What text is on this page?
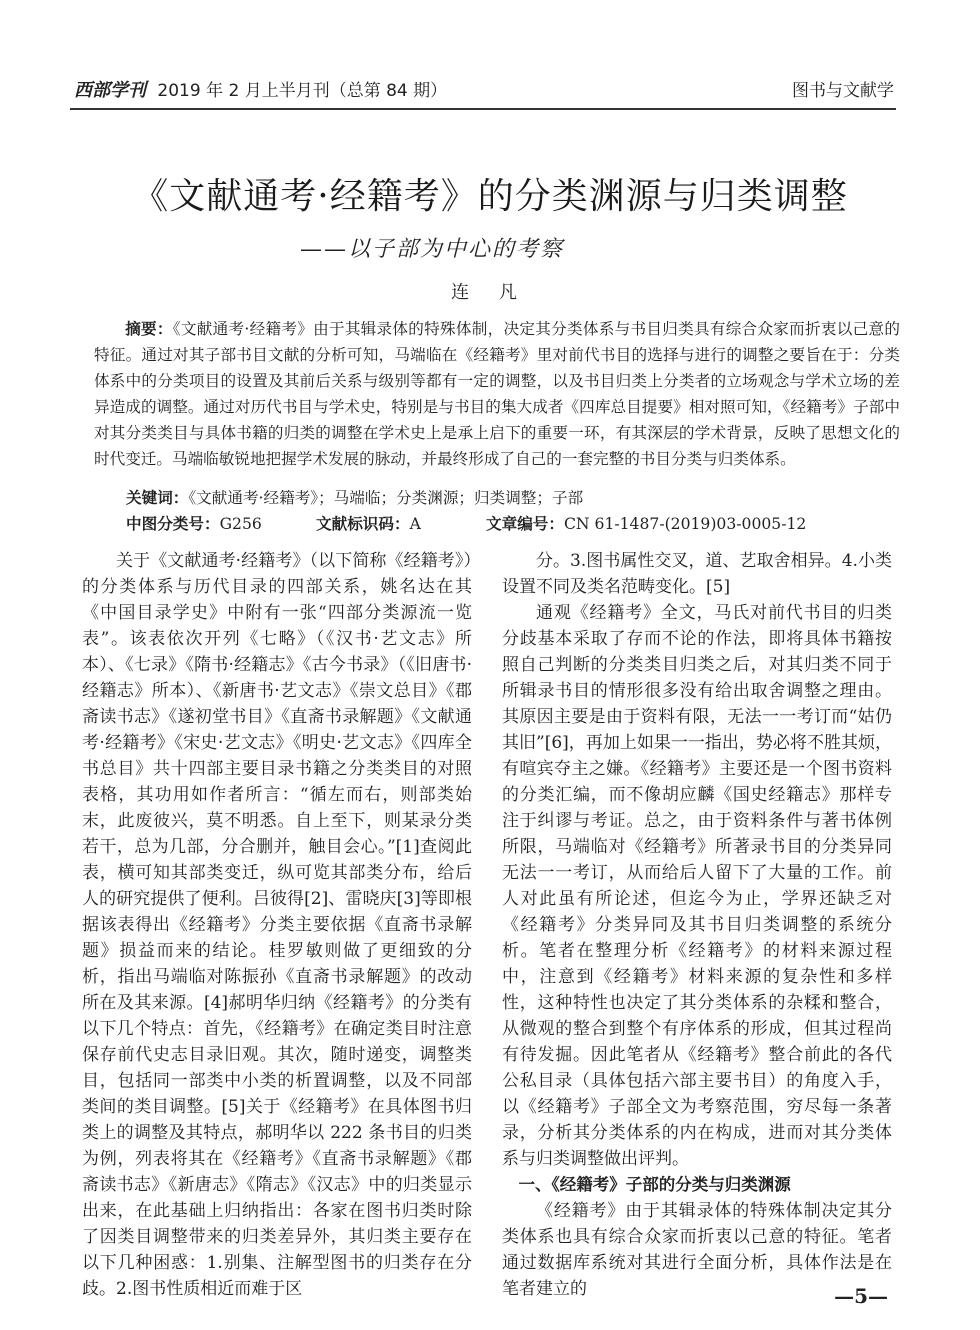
西部学刊 2019 年 2 月上半月刊（总第 84 期）	图书与文献学
《文献通考·经籍考》的分类渊源与归类调整
——以子部为中心的考察
连 凡
摘要：《文献通考·经籍考》由于其辑录体的特殊体制，决定其分类体系与书目归类具有综合众家而折衷以己意的特征。通过对其子部书目文献的分析可知，马端临在《经籍考》里对前代书目的选择与进行的调整之要旨在于：分类体系中的分类项目的设置及其前后关系与级别等都有一定的调整，以及书目归类上分类者的立场观念与学术立场的差异造成的调整。通过对历代书目与学术史，特别是与书目的集大成者《四库总目提要》相对照可知，《经籍考》子部中对其分类类目与具体书籍的归类的调整在学术史上是承上启下的重要一环，有其深层的学术背景，反映了思想文化的时代变迁。马端临敏锐地把握学术发展的脉动，并最终形成了自己的一套完整的书目分类与归类体系。
关键词：《文献通考·经籍考》；马端临；分类渊源；归类调整；子部
中图分类号：G256	文献标识码：A	文章编号：CN 61-1487-(2019)03-0005-12

关于《文献通考·经籍考》（以下简称《经籍考》）的分类体系与历代目录的四部关系，姚名达在其《中国目录学史》中附有一张“四部分类源流一览表”。该表依次开列《七略》（《汉书·艺文志》所本）、《七录》《隋书·经籍志》《古今书录》（《旧唐书·经籍志》所本）、《新唐书·艺文志》《崇文总目》《郡斋读书志》《遂初堂书目》《直斋书录解题》《文献通考·经籍考》《宋史·艺文志》《明史·艺文志》《四库全书总目》共十四部主要目录书籍之分类类目的对照表格，其功用如作者所言：“循左而右，则部类始末，此废彼兴，莫不明悉。自上至下，则某录分类若干，总为几部，分合删并，触目会心。”[1]查阅此表，横可知其部类变迁，纵可览其部类分布，给后人的研究提供了便利。吕彼得[2]、雷晓庆[3]等即根据该表得出《经籍考》分类主要依据《直斋书录解题》损益而来的结论。桂罗敏则做了更细致的分析，指出马端临对陈振孙《直斋书录解题》的改动所在及其来源。[4]郝明华归纳《经籍考》的分类有以下几个特点：首先，《经籍考》在确定类目时注意保存前代史志目录旧观。其次，随时递变，调整类目，包括同一部类中小类的析置调整，以及不同部类间的类目调整。[5]关于《经籍考》在具体图书归类上的调整及其特点，郝明华以 222 条书目的归类为例，列表将其在《经籍考》《直斋书录解题》《郡斋读书志》《新唐志》《隋志》《汉志》中的归类显示出来，在此基础上归纳指出：各家在图书归类时除了因类目调整带来的归类差异外，其归类主要存在以下几种困惑：1.别集、注解型图书的归类存在分歧。2.图书性质相近而难于区

分。3.图书属性交叉，道、艺取舍相异。4.小类设置不同及类名范畴变化。[5]

通观《经籍考》全文，马氏对前代书目的归类分歧基本采取了存而不论的作法，即将具体书籍按照自己判断的分类类目归类之后，对其归类不同于所辑录书目的情形很多没有给出取舍调整之理由。其原因主要是由于资料有限，无法一一考订而“姑仍其旧”[6]，再加上如果一一指出，势必将不胜其烦，有喧宾夺主之嫌。《经籍考》主要还是一个图书资料的分类汇编，而不像胡应麟《国史经籍志》那样专注于纠谬与考证。总之，由于资料条件与著书体例所限，马端临对《经籍考》所著录书目的分类异同无法一一考订，从而给后人留下了大量的工作。前人对此虽有所论述，但迄今为止，学界还缺乏对《经籍考》分类异同及其书目归类调整的系统分析。笔者在整理分析《经籍考》的材料来源过程中，注意到《经籍考》材料来源的复杂性和多样性，这种特性也决定了其分类体系的杂糅和整合，从微观的整合到整个有序体系的形成，但其过程尚有待发掘。因此笔者从《经籍考》整合前此的各代公私目录（具体包括六部主要书目）的角度入手，以《经籍考》子部全文为考察范围，穷尽每一条著录，分析其分类体系的内在构成，进而对其分类体系与归类调整做出评判。

一、《经籍考》子部的分类与归类渊源

《经籍考》由于其辑录体的特殊体制决定其分类体系也具有综合众家而折衷以己意的特征。笔者通过数据库系统对其进行全面分析，具体作法是在笔者建立的	—5—
